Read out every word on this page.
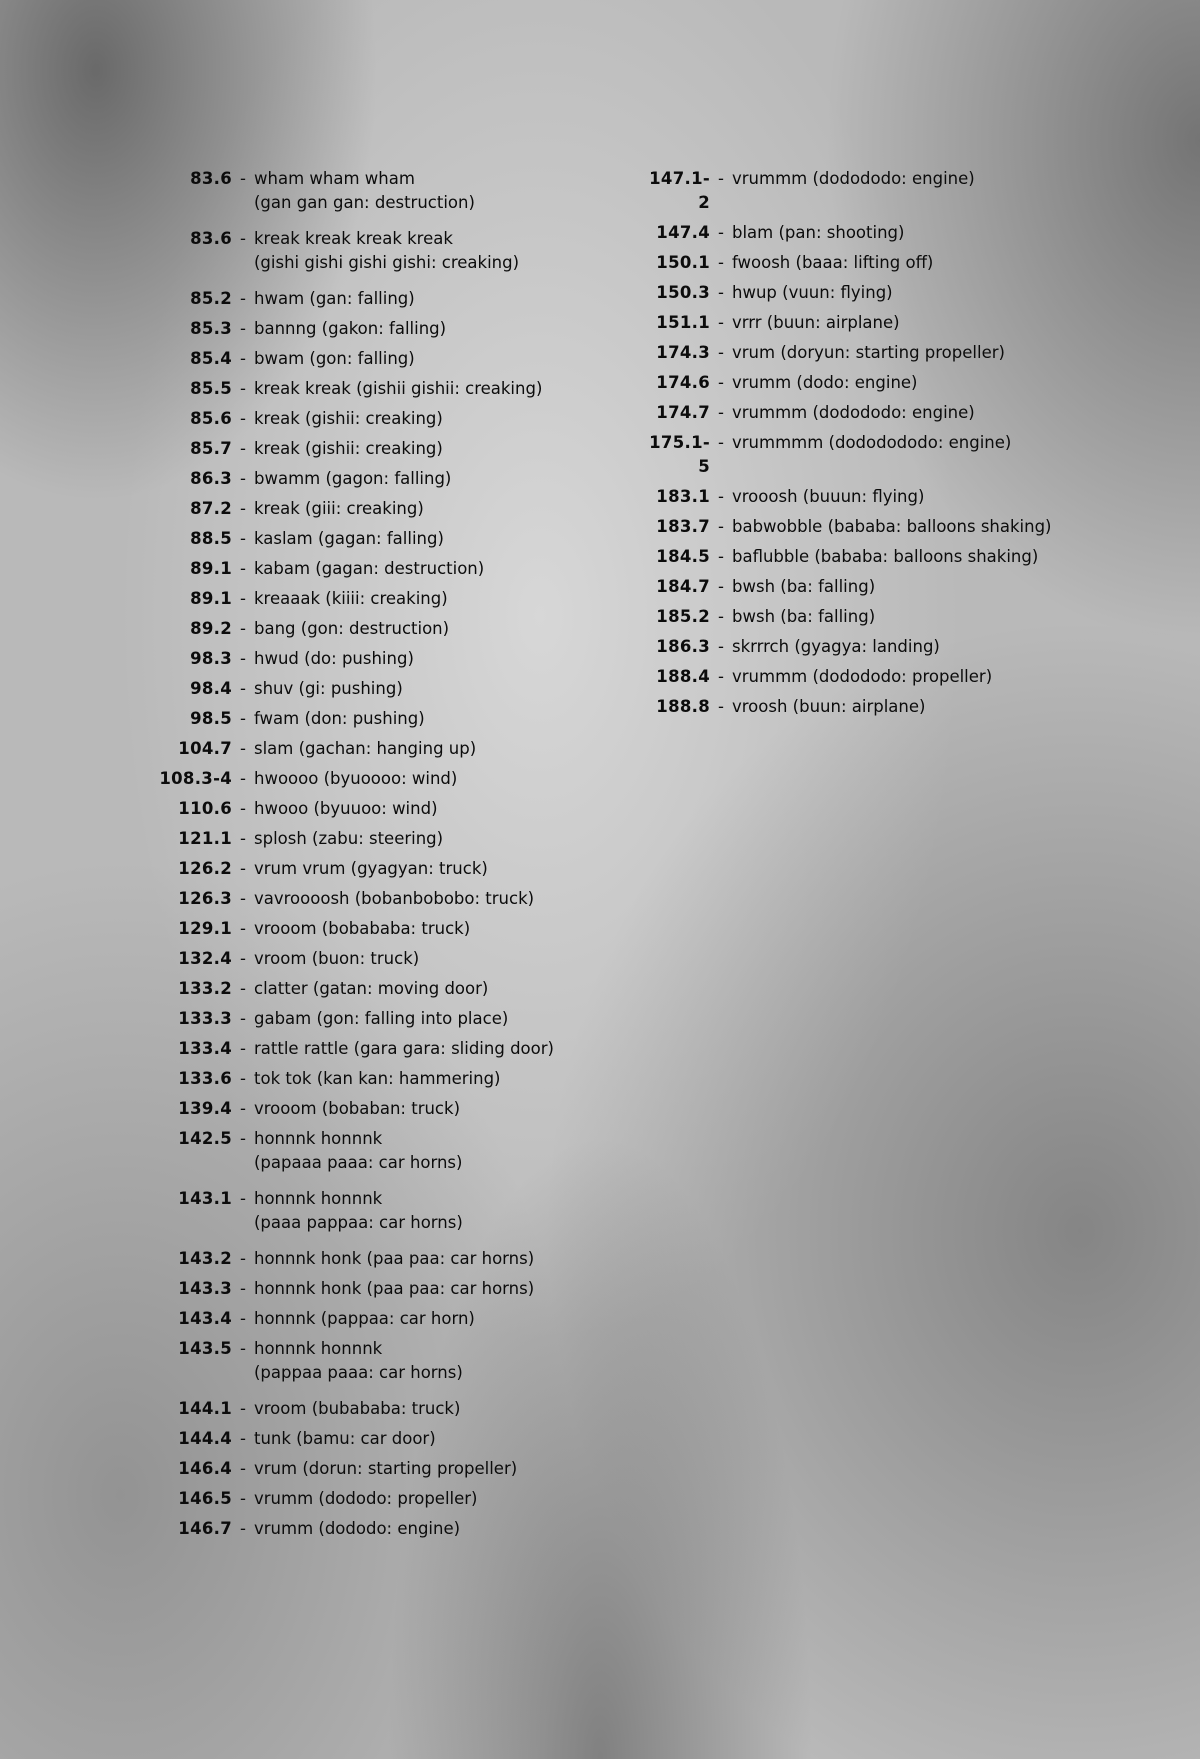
83.6 - wham wham wham
(gan gan gan: destruction)
83.6 - kreak kreak kreak kreak
(gishi gishi gishi gishi: creaking)
85.2 - hwam (gan: falling)
85.3 - bannng (gakon: falling)
85.4 - bwam (gon: falling)
85.5 - kreak kreak (gishii gishii: creaking)
85.6 - kreak (gishii: creaking)
85.7 - kreak (gishii: creaking)
86.3 - bwamm (gagon: falling)
87.2 - kreak (giii: creaking)
88.5 - kaslam (gagan: falling)
89.1 - kabam (gagan: destruction)
89.1 - kreaaak (kiiii: creaking)
89.2 - bang (gon: destruction)
98.3 - hwud (do: pushing)
98.4 - shuv (gi: pushing)
98.5 - fwam (don: pushing)
104.7 - slam (gachan: hanging up)
108.3-4 - hwoooo (byuoooo: wind)
110.6 - hwooo (byuuoo: wind)
121.1 - splosh (zabu: steering)
126.2 - vrum vrum (gyagyan: truck)
126.3 - vavroooosh (bobanbobobo: truck)
129.1 - vrooom (bobababa: truck)
132.4 - vroom (buon: truck)
133.2 - clatter (gatan: moving door)
133.3 - gabam (gon: falling into place)
133.4 - rattle rattle (gara gara: sliding door)
133.6 - tok tok (kan kan: hammering)
139.4 - vrooom (bobaban: truck)
142.5 - honnnk honnnk
(papaaa paaa: car horns)
143.1 - honnnk honnnk
(paaa pappaa: car horns)
143.2 - honnnk honk (paa paa: car horns)
143.3 - honnnk honk (paa paa: car horns)
143.4 - honnnk (pappaa: car horn)
143.5 - honnnk honnnk
(pappaa paaa: car horns)
144.1 - vroom (bubababa: truck)
144.4 - tunk (bamu: car door)
146.4 - vrum (dorun: starting propeller)
146.5 - vrumm (dododo: propeller)
146.7 - vrumm (dododo: engine)
147.1-2
- vrummm (dodododo: engine)
147.4 - blam (pan: shooting)
150.1 - fwoosh (baaa: lifting off)
150.3 - hwup (vuun: flying)
151.1 - vrrr (buun: airplane)
174.3 - vrum (doryun: starting propeller)
174.6 - vrumm (dodo: engine)
174.7 - vrummm (dodododo: engine)
175.1-5
- vrummmm (dododododo: engine)
183.1 - vrooosh (buuun: flying)
183.7 - babwobble (bababa: balloons shaking)
184.5 - baflubble (bababa: balloons shaking)
184.7 - bwsh (ba: falling)
185.2 - bwsh (ba: falling)
186.3 - skrrrch (gyagya: landing)
188.4 - vrummm (dodododo: propeller)
188.8 - vroosh (buun: airplane)
